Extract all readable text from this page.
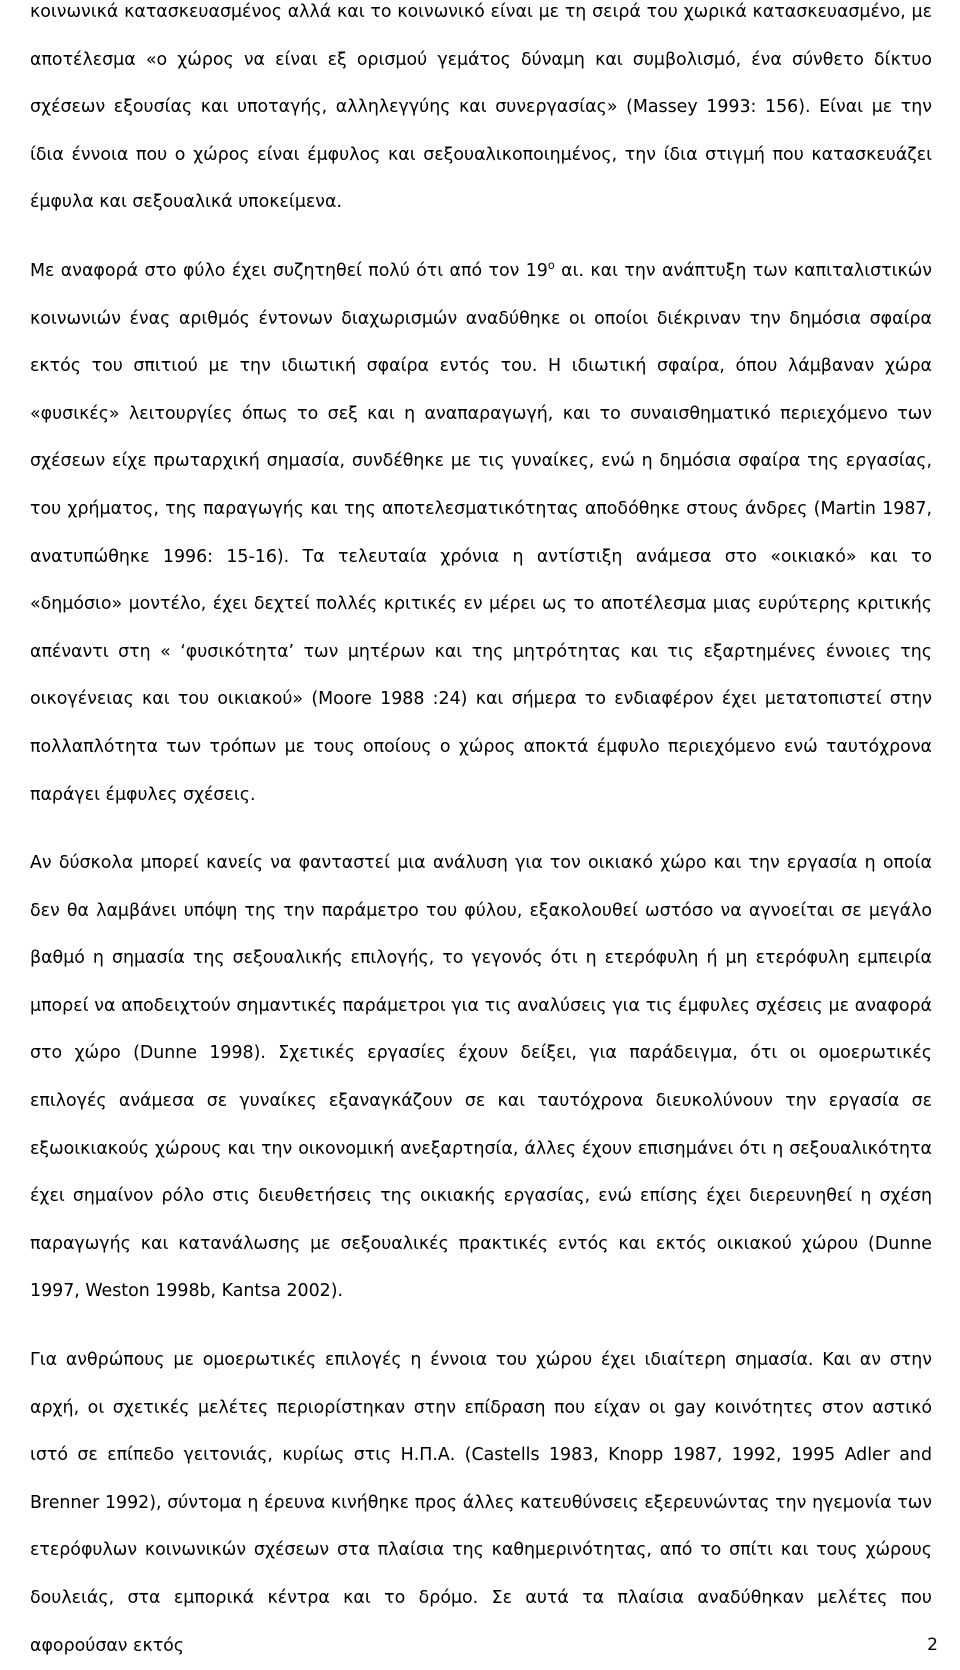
κοινωνικά κατασκευασμένος αλλά και το κοινωνικό είναι με τη σειρά του χωρικά κατασκευασμένο, με αποτέλεσμα «ο χώρος να είναι εξ ορισμού γεμάτος δύναμη και συμβολισμό, ένα σύνθετο δίκτυο σχέσεων εξουσίας και υποταγής, αλληλεγγύης και συνεργασίας» (Massey 1993: 156). Είναι με την ίδια έννοια που ο χώρος είναι έμφυλος και σεξουαλικοποιημένος, την ίδια στιγμή που κατασκευάζει έμφυλα και σεξουαλικά υποκείμενα.

Με αναφορά στο φύλο έχει συζητηθεί πολύ ότι από τον $19^o$ αι. και την ανάπτυξη των καπιταλιστικών κοινωνιών ένας αριθμός έντονων διαχωρισμών αναδύθηκε οι οποίοι διέκριναν την δημόσια σφαίρα εκτός του σπιτιού με την ιδιωτική σφαίρα εντός του. Η ιδιωτική σφαίρα, όπου λάμβαναν χώρα «φυσικές» λειτουργίες όπως το σεξ και η αναπαραγωγή, και το συναισθηματικό περιεχόμενο των σχέσεων είχε πρωταρχική σημασία, συνδέθηκε με τις γυναίκες, ενώ η δημόσια σφαίρα της εργασίας, του χρήματος, της παραγωγής και της αποτελεσματικότητας αποδόθηκε στους άνδρες (Martin 1987, ανατυπώθηκε 1996: 15-16). Τα τελευταία χρόνια η αντίστιξη ανάμεσα στο «οικιακό» και το «δημόσιο» μοντέλο, έχει δεχτεί πολλές κριτικές εν μέρει ως το αποτέλεσμα μιας ευρύτερης κριτικής απέναντι στη « ‘φυσικότητα’ των μητέρων και της μητρότητας και τις εξαρτημένες έννοιες της οικογένειας και του οικιακού» (Moore 1988 :24) και σήμερα το ενδιαφέρον έχει μετατοπιστεί στην πολλαπλότητα των τρόπων με τους οποίους ο χώρος αποκτά έμφυλο περιεχόμενο ενώ ταυτόχρονα παράγει έμφυλες σχέσεις.

Αν δύσκολα μπορεί κανείς να φανταστεί μια ανάλυση για τον οικιακό χώρο και την εργασία η οποία δεν θα λαμβάνει υπόψη της την παράμετρο του φύλου, εξακολουθεί ωστόσο να αγνοείται σε μεγάλο βαθμό η σημασία της σεξουαλικής επιλογής, το γεγονός ότι η ετερόφυλη ή μη ετερόφυλη εμπειρία μπορεί να αποδειχτούν σημαντικές παράμετροι για τις αναλύσεις για τις έμφυλες σχέσεις με αναφορά στο χώρο (Dunne 1998). Σχετικές εργασίες έχουν δείξει, για παράδειγμα, ότι οι ομοερωτικές επιλογές ανάμεσα σε γυναίκες εξαναγκάζουν σε και ταυτόχρονα διευκολύνουν την εργασία σε εξωοικιακούς χώρους και την οικονομική ανεξαρτησία, άλλες έχουν επισημάνει ότι η σεξουαλικότητα έχει σημαίνον ρόλο στις διευθετήσεις της οικιακής εργασίας, ενώ επίσης έχει διερευνηθεί η σχέση παραγωγής και κατανάλωσης με σεξουαλικές πρακτικές εντός και εκτός οικιακού χώρου (Dunne 1997, Weston 1998b, Kantsa 2002).

Για ανθρώπους με ομοερωτικές επιλογές η έννοια του χώρου έχει ιδιαίτερη σημασία. Και αν στην αρχή, οι σχετικές μελέτες περιορίστηκαν στην επίδραση που είχαν οι gay κοινότητες στον αστικό ιστό σε επίπεδο γειτονιάς, κυρίως στις Η.Π.Α. (Castells 1983, Knopp 1987, 1992, 1995 Adler and Brenner 1992), σύντομα η έρευνα κινήθηκε προς άλλες κατευθύνσεις εξερευνώντας την ηγεμονία των ετερόφυλων κοινωνικών σχέσεων στα πλαίσια της καθημερινότητας, από το σπίτι και τους χώρους δουλειάς, στα εμπορικά κέντρα και το δρόμο. Σε αυτά τα πλαίσια αναδύθηκαν μελέτες που αφορούσαν εκτός	2
